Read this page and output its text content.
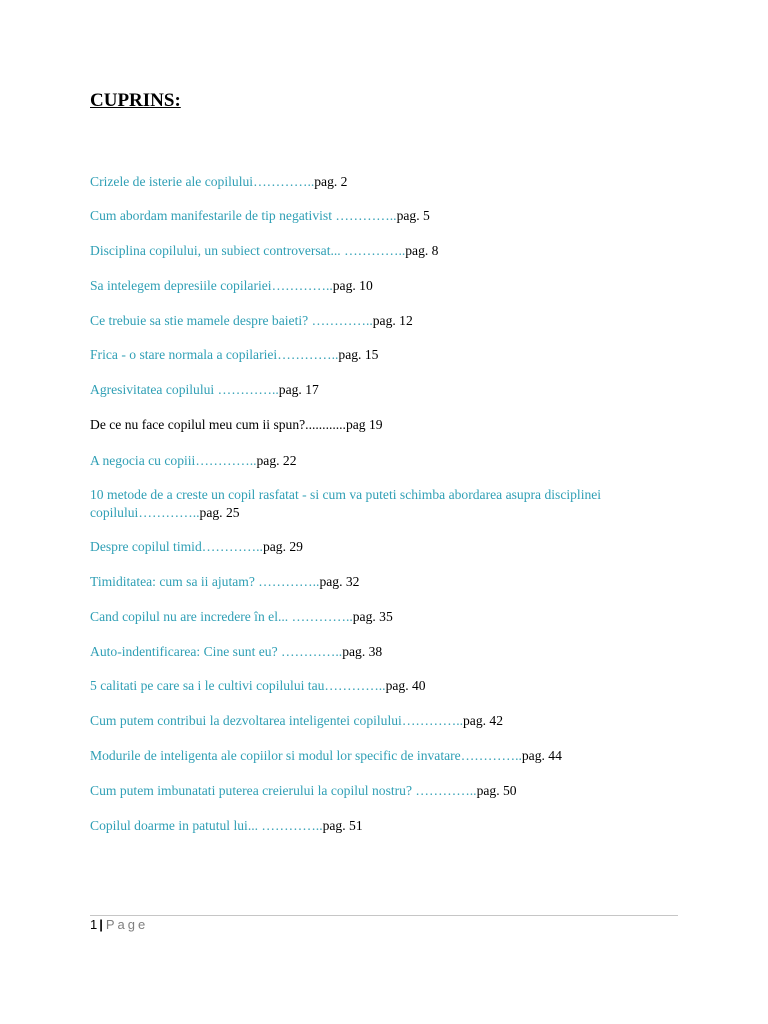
CUPRINS:

Crizele de isterie ale copilului…………..pag. 2

Cum abordam manifestarile de tip negativist …………..pag. 5

Disciplina copilului, un subiect controversat... …………..pag. 8

Sa intelegem depresiile copilariei…………..pag. 10

Ce trebuie sa stie mamele despre baieti? …………..pag. 12

Frica - o stare normala a copilariei…………..pag. 15

Agresivitatea copilului …………..pag. 17

De ce nu face copilul meu cum ii spun?............pag 19

A negocia cu copiii…………..pag. 22

10 metode de a creste un copil rasfatat - si cum va puteti schimba abordarea asupra disciplinei copilului…………..pag. 25

Despre copilul timid…………..pag. 29

Timiditatea: cum sa ii ajutam? …………..pag. 32

Cand copilul nu are incredere în el... …………..pag. 35

Auto-indentificarea: Cine sunt eu? …………..pag. 38

5 calitati pe care sa i le cultivi copilului tau…………..pag. 40

Cum putem contribui la dezvoltarea inteligentei copilului…………..pag. 42

Modurile de inteligenta ale copiilor si modul lor specific de invatare…………..pag. 44

Cum putem imbunatati puterea creierului la copilul nostru? …………..pag. 50

Copilul doarme in patutul lui... …………..pag. 51

1 | Page
